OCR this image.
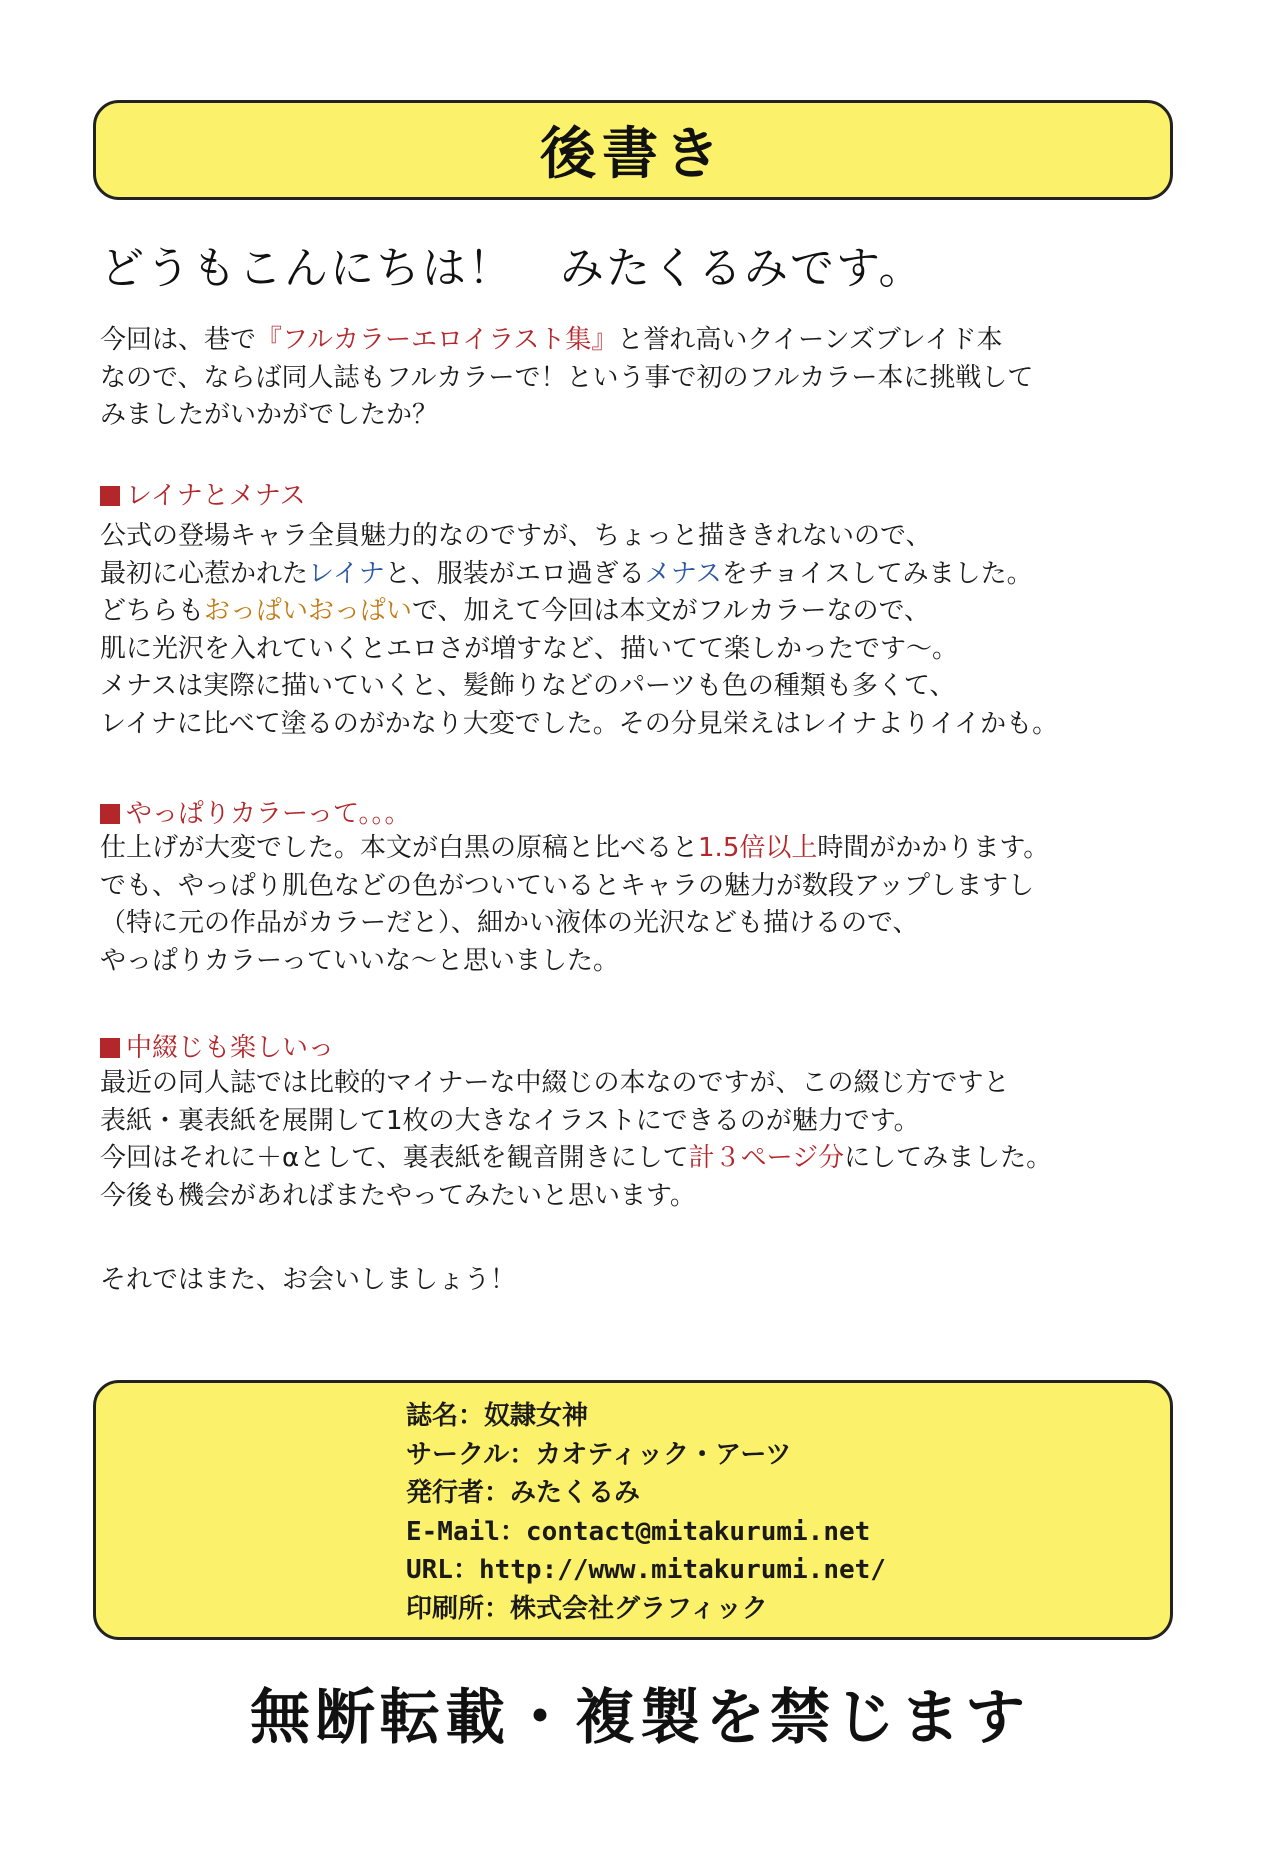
後書き
どうもこんにちは！　みたくるみです。

今回は、巷で『フルカラーエロイラスト集』と誉れ高いクイーンズブレイド本

なので、ならば同人誌もフルカラーで！という事で初のフルカラー本に挑戦して

みましたがいかがでしたか？

レイナとメナス

公式の登場キャラ全員魅力的なのですが、ちょっと描ききれないので、

最初に心惹かれたレイナと、服装がエロ過ぎるメナスをチョイスしてみました。

どちらもおっぱいおっぱいで、加えて今回は本文がフルカラーなので、

肌に光沢を入れていくとエロさが増すなど、描いてて楽しかったです～。

メナスは実際に描いていくと、髪飾りなどのパーツも色の種類も多くて、

レイナに比べて塗るのがかなり大変でした。その分見栄えはレイナよりイイかも。

やっぱりカラーって。。。

仕上げが大変でした。本文が白黒の原稿と比べると1.5倍以上時間がかかります。

でも、やっぱり肌色などの色がついているとキャラの魅力が数段アップしますし

（特に元の作品がカラーだと）、細かい液体の光沢なども描けるので、

やっぱりカラーっていいな～と思いました。

中綴じも楽しいっ

最近の同人誌では比較的マイナーな中綴じの本なのですが、この綴じ方ですと

表紙・裏表紙を展開して1枚の大きなイラストにできるのが魅力です。

今回はそれに＋αとして、裏表紙を観音開きにして計３ページ分にしてみました。

今後も機会があればまたやってみたいと思います。

それではまた、お会いしましょう！
誌名：奴隷女神
サークル：カオティック・アーツ
発行者：みたくるみ
E-Mail：contact@mitakurumi.net
URL：http://www.mitakurumi.net/
印刷所：株式会社グラフィック
無断転載・複製を禁じます
